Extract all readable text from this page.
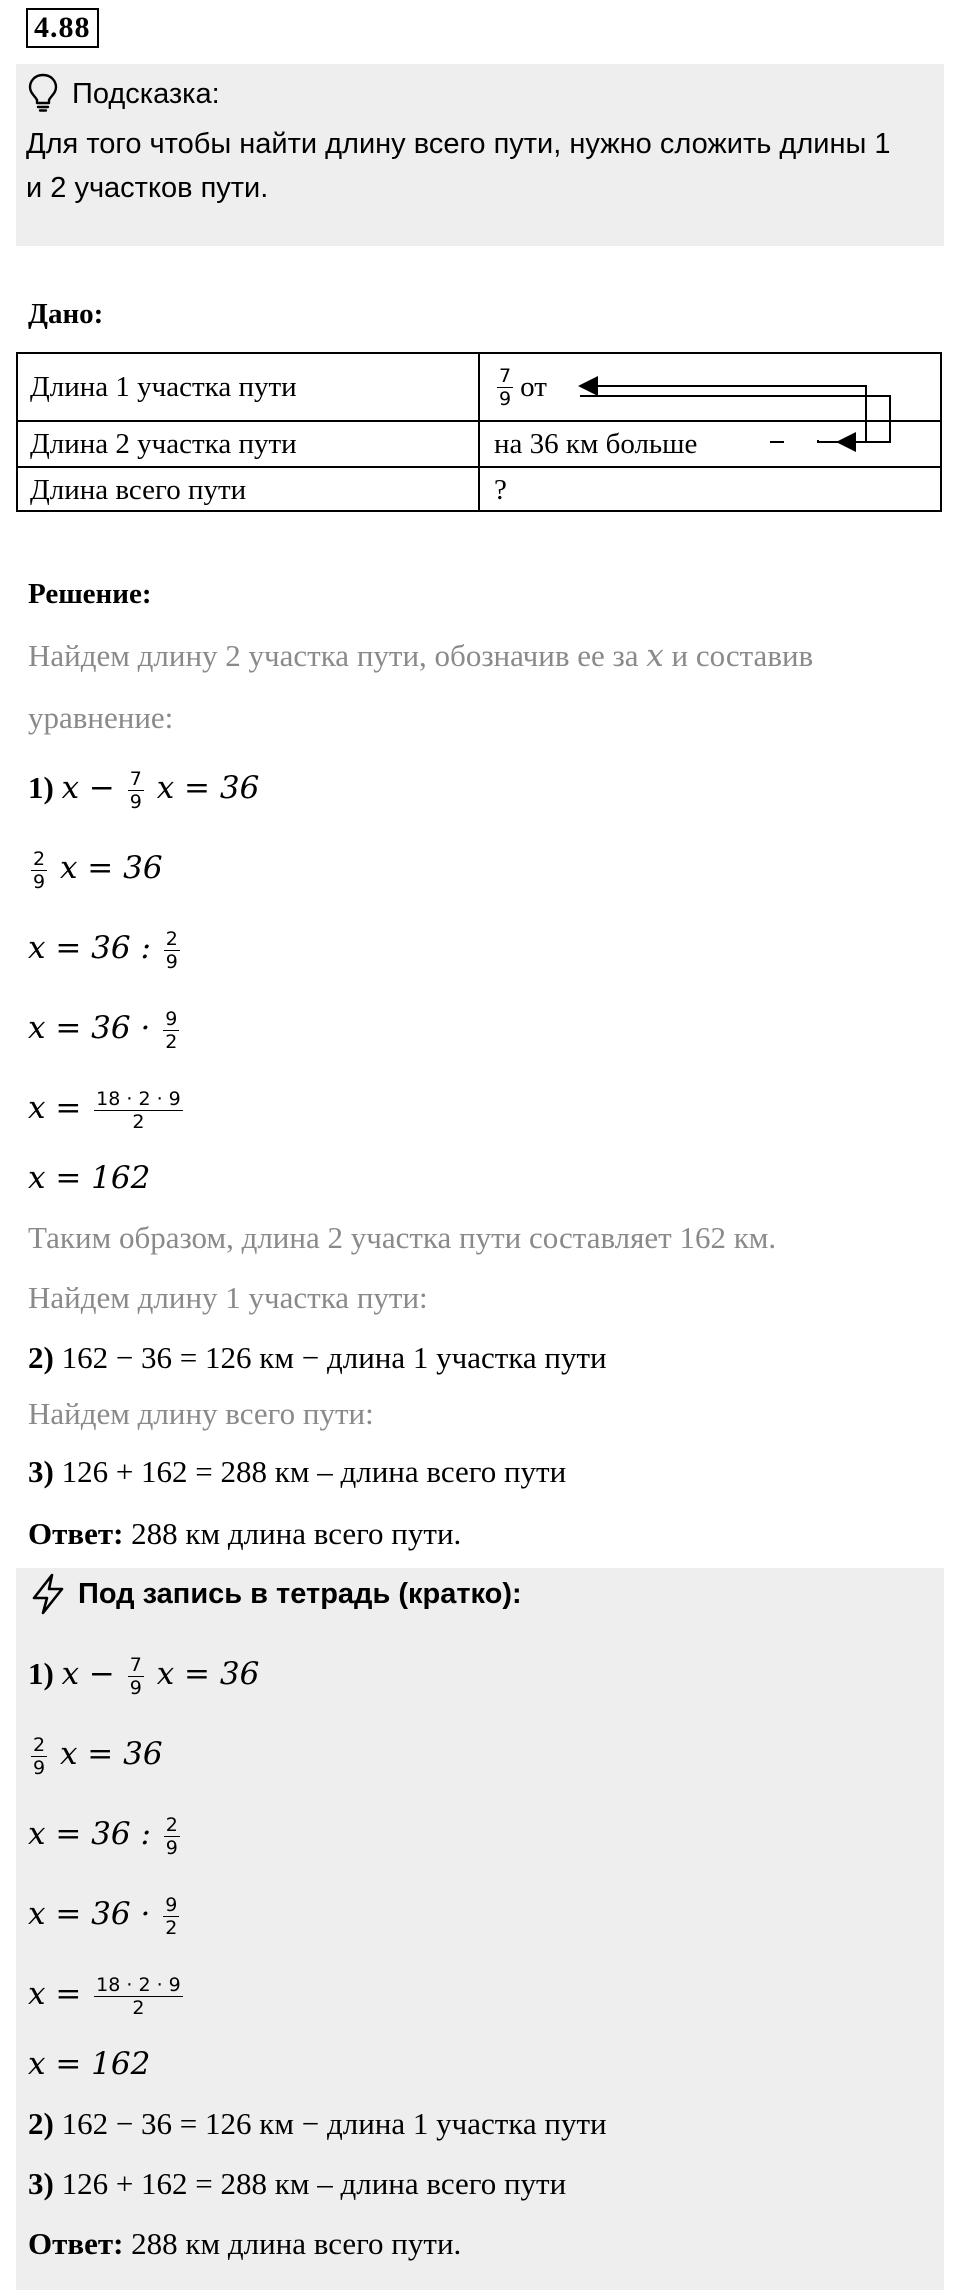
4.88
Подсказка:
Для того чтобы найти длину всего пути, нужно сложить длины 1 и 2 участков пути.
Дано:
Длина 1 участка пути	$\frac{7}{9}$ от
Длина 2 участка пути	на 36 км больше
Длина всего пути	?
Решение:
Найдем длину 2 участка пути, обозначив ее за x и составив
уравнение:
1) $x - \frac{7}{9}$ x = 36
$\frac{2}{9}$ x = 36
x = 36 : $\frac{2}{9}$
$x = 36 \cdot \frac{9}{2}$
$x = \frac{18 \cdot 2 \cdot 9}{2}$
x = 162
Таким образом, длина 2 участка пути составляет 162 км.
Найдем длину 1 участка пути:
2) 162 − 36 = 126 км − длина 1 участка пути
Найдем длину всего пути:
3) 126 + 162 = 288 км – длина всего пути
Ответ: 288 км длина всего пути.
Под запись в тетрадь (кратко):
1) $x - \frac{7}{9}$ x = 36
$\frac{2}{9}$ x = 36
x = 36 : $\frac{2}{9}$
$x = 36 \cdot \frac{9}{2}$
$x = \frac{18 \cdot 2 \cdot 9}{2}$
x = 162
2) 162 − 36 = 126 км − длина 1 участка пути
3) 126 + 162 = 288 км – длина всего пути
Ответ: 288 км длина всего пути.
